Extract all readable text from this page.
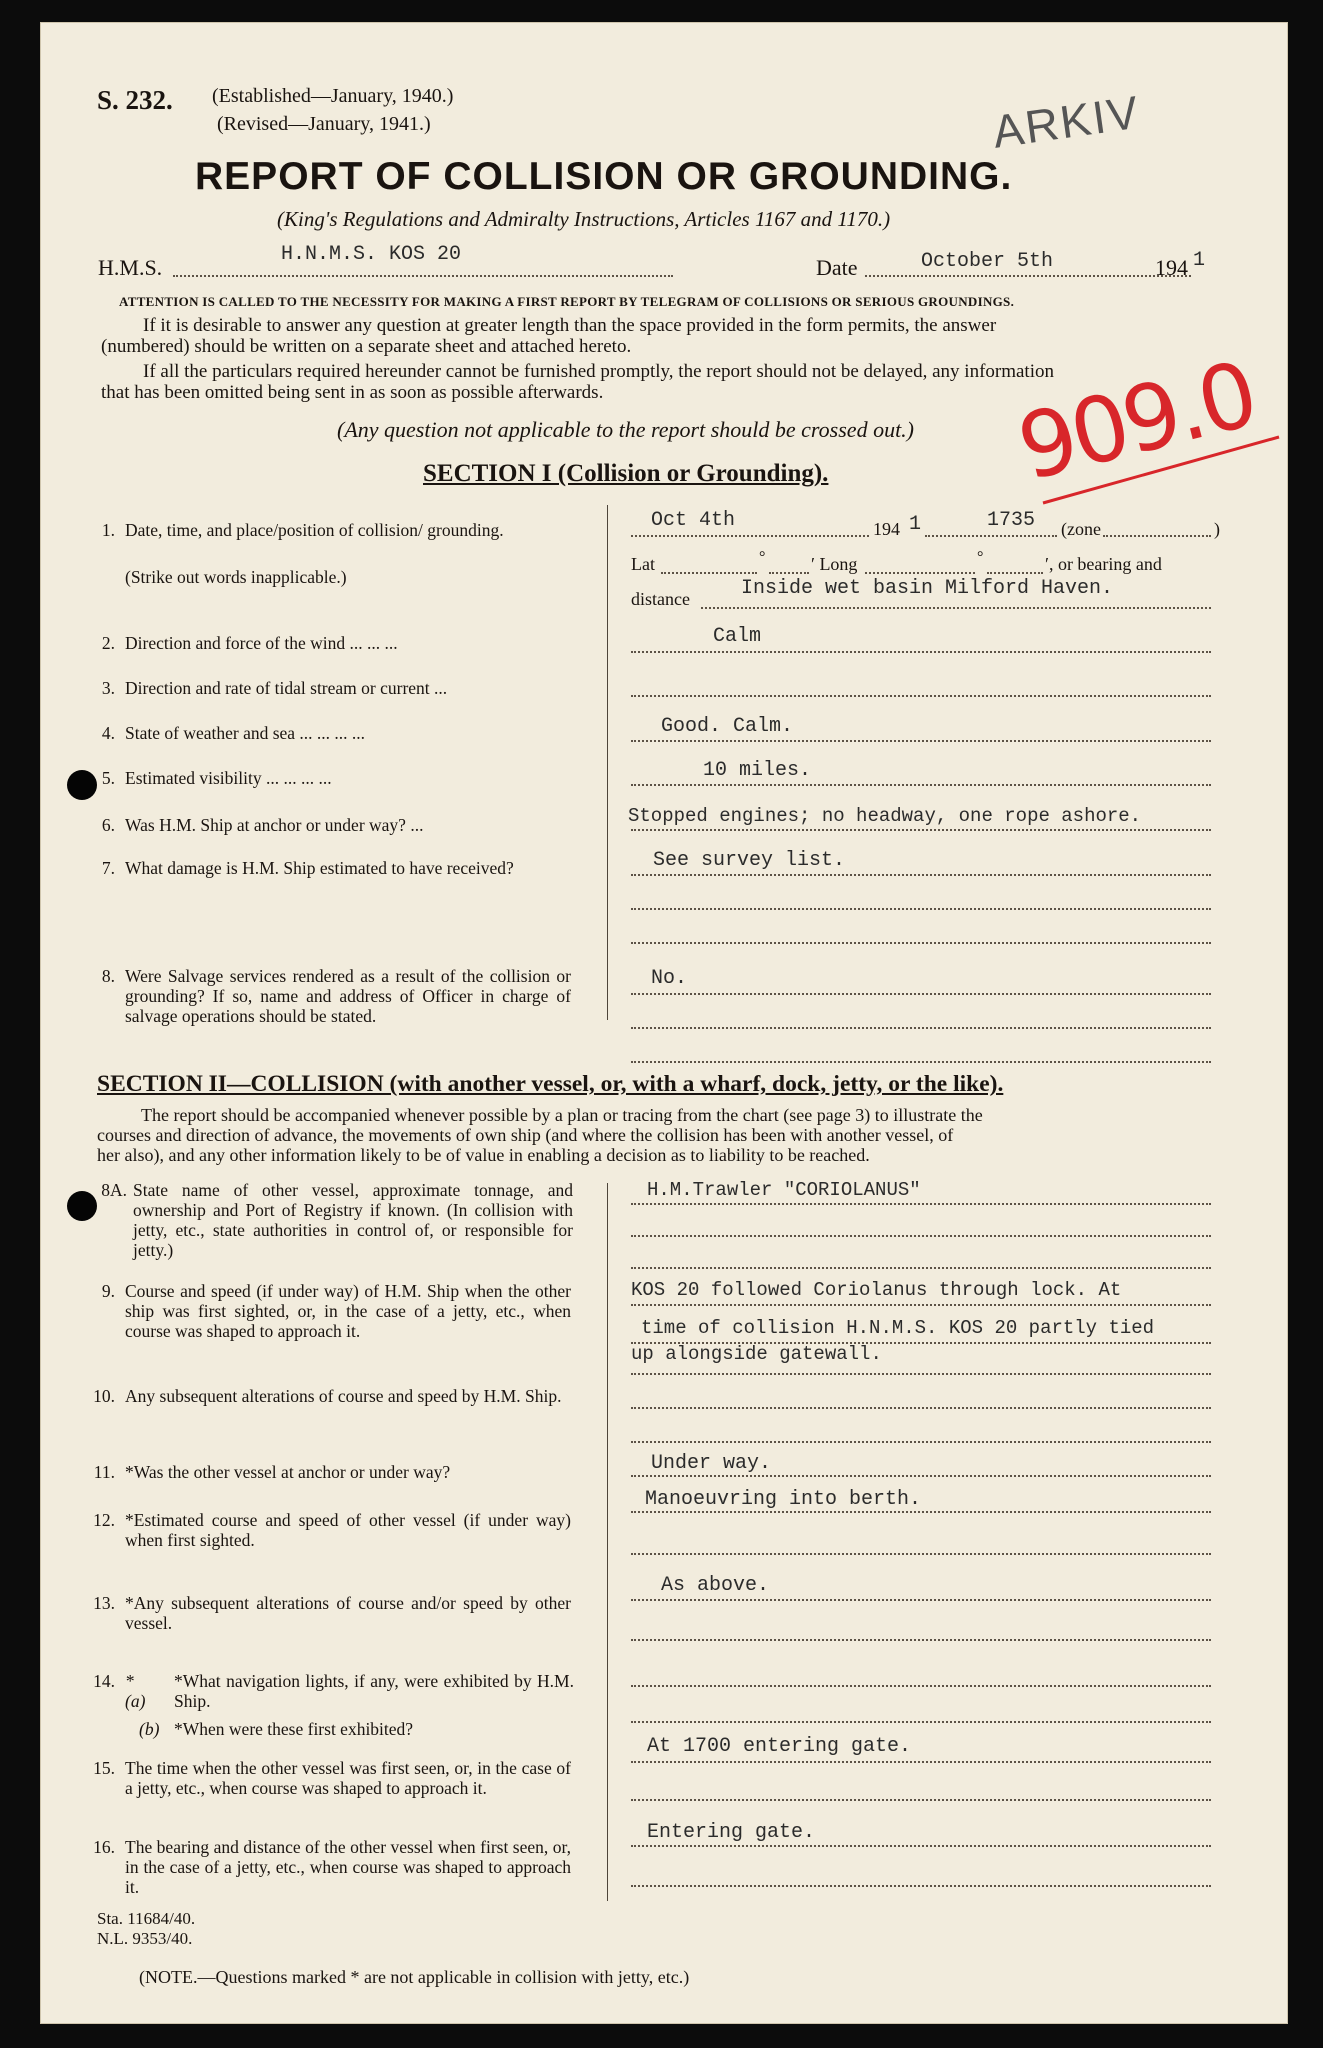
S. 232. (Established—January, 1940.)
(Revised—January, 1941.)	ARKIV
REPORT OF COLLISION OR GROUNDING.
(King's Regulations and Admiralty Instructions, Articles 1167 and 1170.)
H.M.S.
H.N.M.S. KOS 20
Date	October 5th	194 1
ATTENTION IS CALLED TO THE NECESSITY FOR MAKING A FIRST REPORT BY TELEGRAM OF COLLISIONS OR SERIOUS GROUNDINGS.
If it is desirable to answer any question at greater length than the space provided in the form permits, the answer
(numbered) should be written on a separate sheet and attached hereto.
If all the particulars required hereunder cannot be furnished promptly, the report should not be delayed, any information
that has been omitted being sent in as soon as possible afterwards.
(Any question not applicable to the report should be crossed out.) 909.0
SECTION I (Collision or Grounding).
1. Date, time, and place/position of collision/ grounding.
(Strike out words inapplicable.)
Oct 4th	194 1	1735 (zone	)
Lat	°	′ Long	°	′, or bearing and
distance	Inside wet basin Milford Haven.
2. Direction and force of the wind ... ... ...	Calm
3. Direction and rate of tidal stream or current ...
4. State of weather and sea ... ... ... ...	Good. Calm.
5. Estimated visibility ... ... ... ...	10 miles.
6. Was H.M. Ship at anchor or under way? ...	Stopped engines; no headway, one rope ashore.
7. What damage is H.M. Ship estimated to have received?	See survey list.
8. Were Salvage services rendered as a result of the collision or grounding? If so, name and address of Officer in charge of salvage operations should be stated.
No.
SECTION II—COLLISION (with another vessel, or, with a wharf, dock, jetty, or the like).
The report should be accompanied whenever possible by a plan or tracing from the chart (see page 3) to illustrate the
courses and direction of advance, the movements of own ship (and where the collision has been with another vessel, of
her also), and any other information likely to be of value in enabling a decision as to liability to be reached.
8A. State name of other vessel, approximate tonnage, and ownership and Port of Registry if known. (In collision with jetty, etc., state authorities in control of, or responsible for jetty.)
H.M.Trawler "CORIOLANUS"
9. Course and speed (if under way) of H.M. Ship when the other ship was first sighted, or, in the case of a jetty, etc., when course was shaped to approach it.
KOS 20 followed Coriolanus through lock. At
time of collision H.N.M.S. KOS 20 partly tied
up alongside gatewall.
10. Any subsequent alterations of course and speed by H.M. Ship.
11. *Was the other vessel at anchor or under way?	Under way.
12. *Estimated course and speed of other vessel (if under way) when first sighted.
Manoeuvring into berth.
13. *Any subsequent alterations of course and/or speed by other vessel.
As above.
14. *(a)
*What navigation lights, if any, were exhibited by H.M. Ship.
(b) *When were these first exhibited?
15. The time when the other vessel was first seen, or, in the case of a jetty, etc., when course was shaped to approach it.
At 1700 entering gate.
16. The bearing and distance of the other vessel when first seen, or, in the case of a jetty, etc., when course was shaped to approach it.
Entering gate.
Sta. 11684/40.
N.L. 9353/40.
(NOTE.—Questions marked * are not applicable in collision with jetty, etc.)
